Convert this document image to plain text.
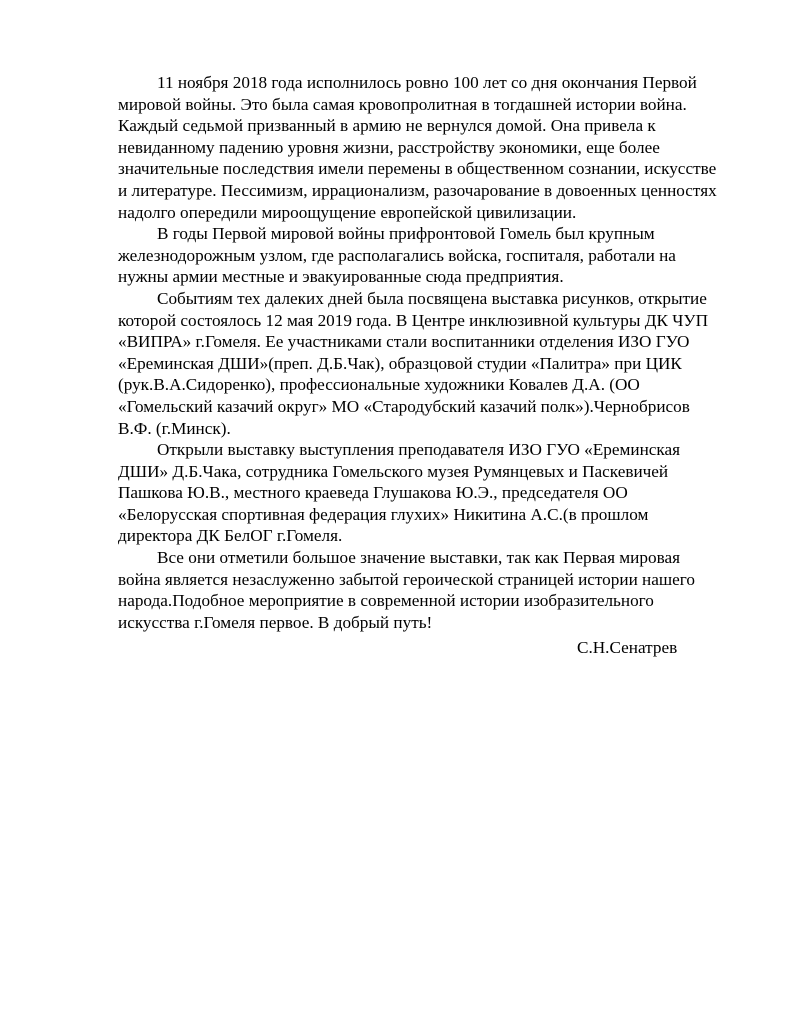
11 ноября 2018 года исполнилось ровно 100 лет со дня окончания Первой мировой войны. Это была самая кровопролитная в тогдашней истории война. Каждый седьмой призванный в армию не вернулся домой. Она привела к невиданному падению уровня жизни, расстройству экономики, еще более значительные последствия имели перемены в общественном сознании, искусстве и литературе. Пессимизм, иррационализм, разочарование в довоенных ценностях надолго опередили мироощущение европейской цивилизации.

В годы Первой мировой войны прифронтовой Гомель был крупным железнодорожным узлом, где располагались войска, госпиталя, работали на нужны армии местные и эвакуированные сюда предприятия.

Событиям тех далеких дней была посвящена выставка рисунков, открытие которой состоялось 12 мая 2019 года. В Центре инклюзивной культуры ДК ЧУП «ВИПРА» г.Гомеля. Ее участниками стали воспитанники отделения ИЗО ГУО «Ереминская ДШИ»(преп. Д.Б.Чак), образцовой студии «Палитра» при ЦИК (рук.В.А.Сидоренко), профессиональные художники Ковалев Д.А. (ОО «Гомельский казачий округ» МО «Стародубский казачий полк»).Чернобрисов В.Ф. (г.Минск).

Открыли выставку выступления преподавателя ИЗО ГУО «Ереминская ДШИ» Д.Б.Чака, сотрудника Гомельского музея Румянцевых и Паскевичей Пашкова Ю.В., местного краеведа Глушакова Ю.Э., председателя ОО «Белорусская спортивная федерация глухих» Никитина А.С.(в прошлом директора ДК БелОГ г.Гомеля.

Все они отметили большое значение выставки, так как Первая мировая война является незаслуженно забытой героической страницей истории нашего народа.Подобное мероприятие в современной истории изобразительного искусства г.Гомеля первое. В добрый путь!

С.Н.Сенатрев
